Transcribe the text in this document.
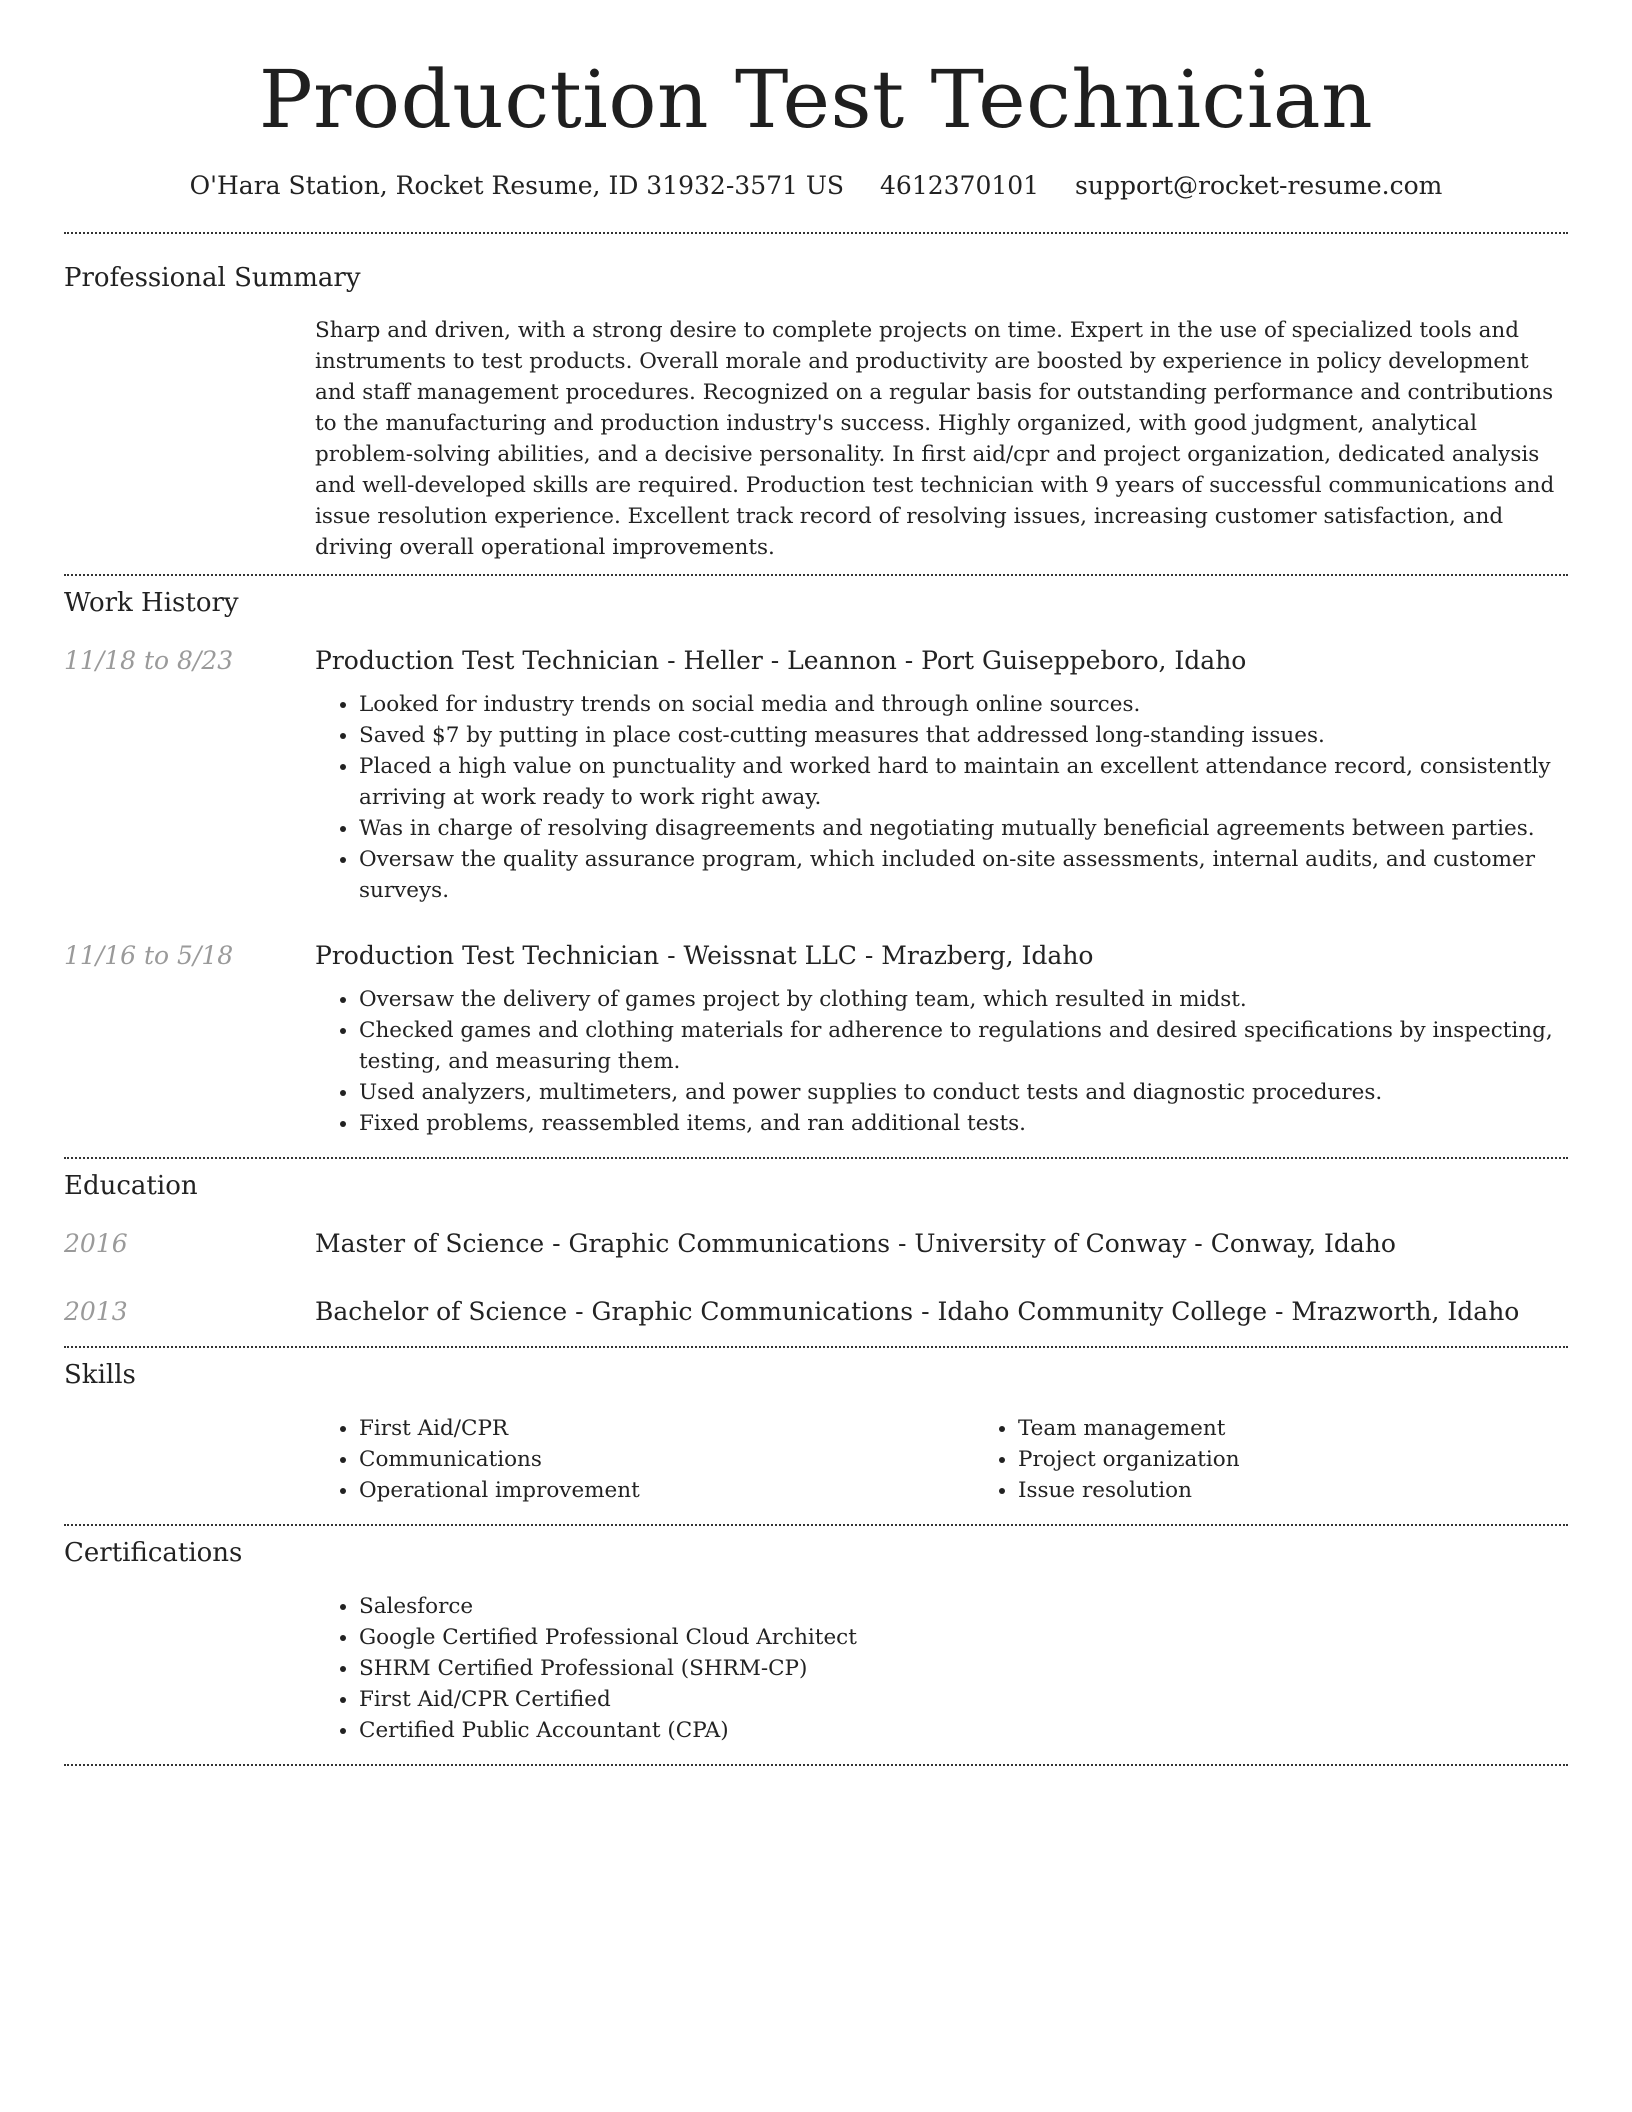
Production Test Technician
O'Hara Station, Rocket Resume, ID 31932-3571 US 4612370101 support@rocket-resume.com
Professional Summary

Sharp and driven, with a strong desire to complete projects on time. Expert in the use of specialized tools and instruments to test products. Overall morale and productivity are boosted by experience in policy development and staff management procedures. Recognized on a regular basis for outstanding performance and contributions to the manufacturing and production industry's success. Highly organized, with good judgment, analytical problem-solving abilities, and a decisive personality. In first aid/cpr and project organization, dedicated analysis and well-developed skills are required. Production test technician with 9 years of successful communications and issue resolution experience. Excellent track record of resolving issues, increasing customer satisfaction, and driving overall operational improvements.

Work History
11/18 to 8/23	Production Test Technician - Heller - Leannon - Port Guiseppeboro, Idaho
• Looked for industry trends on social media and through online sources.
• Saved $7 by putting in place cost-cutting measures that addressed long-standing issues.
• Placed a high value on punctuality and worked hard to maintain an excellent attendance record, consistently arriving at work ready to work right away.
• Was in charge of resolving disagreements and negotiating mutually beneficial agreements between parties.
• Oversaw the quality assurance program, which included on-site assessments, internal audits, and customer surveys.
11/16 to 5/18	Production Test Technician - Weissnat LLC - Mrazberg, Idaho
• Oversaw the delivery of games project by clothing team, which resulted in midst.
• Checked games and clothing materials for adherence to regulations and desired specifications by inspecting, testing, and measuring them.
• Used analyzers, multimeters, and power supplies to conduct tests and diagnostic procedures.
• Fixed problems, reassembled items, and ran additional tests.
Education
2016	Master of Science - Graphic Communications - University of Conway - Conway, Idaho
2013	Bachelor of Science - Graphic Communications - Idaho Community College - Mrazworth, Idaho
Skills
• First Aid/CPR
• Communications
• Operational improvement
• Team management
• Project organization
• Issue resolution
Certifications
• Salesforce
• Google Certified Professional Cloud Architect
• SHRM Certified Professional (SHRM-CP)
• First Aid/CPR Certified
• Certified Public Accountant (CPA)
